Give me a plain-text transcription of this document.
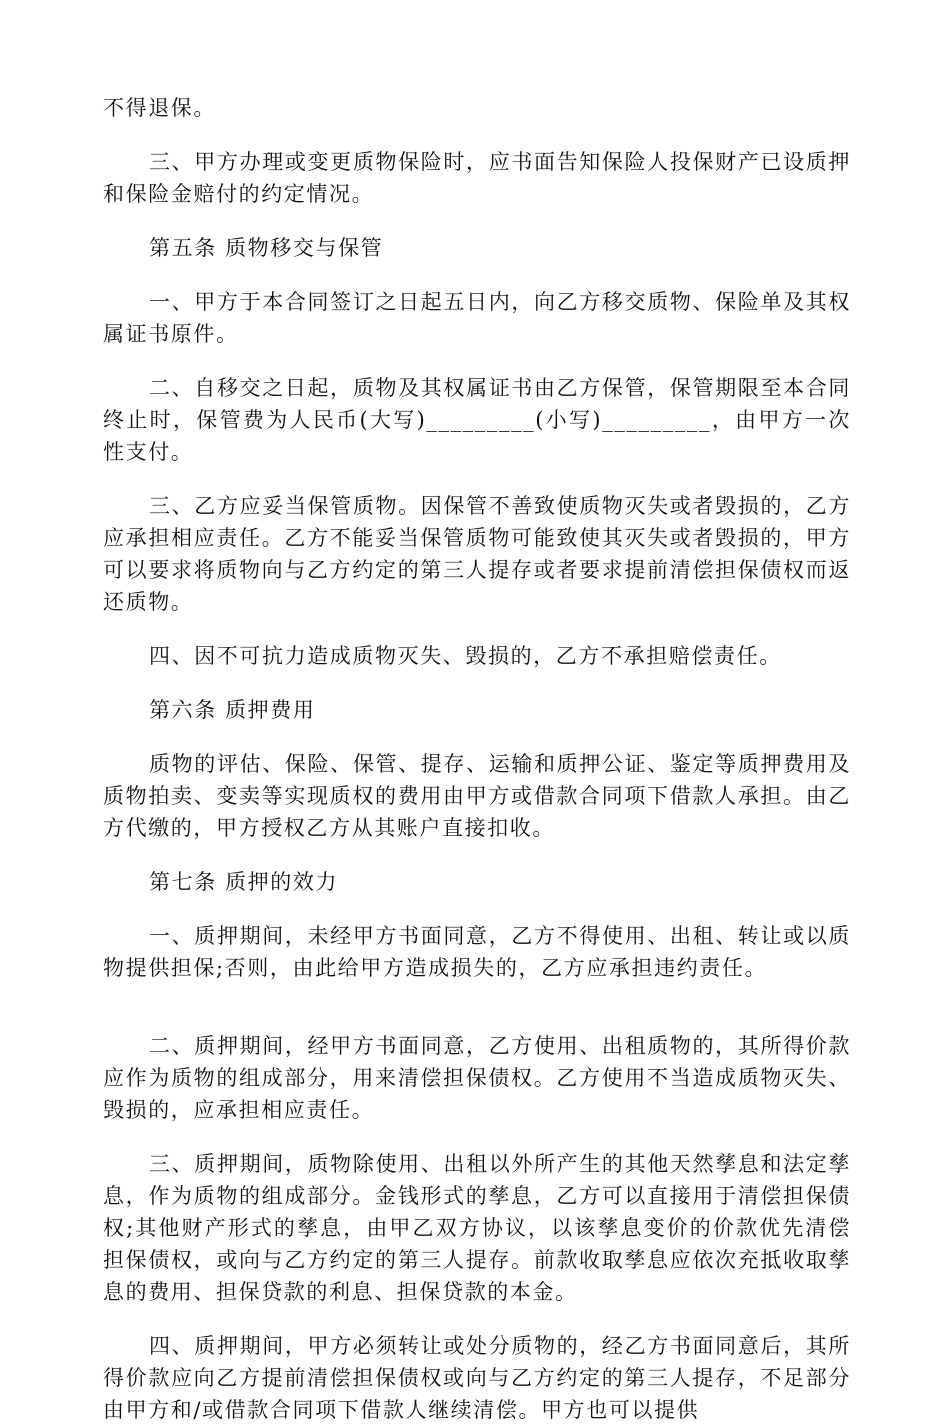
不得退保。

三、甲方办理或变更质物保险时，应书面告知保险人投保财产已设质押和保险金赔付的约定情况。

第五条 质物移交与保管

一、甲方于本合同签订之日起五日内，向乙方移交质物、保险单及其权属证书原件。

二、自移交之日起，质物及其权属证书由乙方保管，保管期限至本合同终止时，保管费为人民币(大写)_________(小写)_________，由甲方一次性支付。

三、乙方应妥当保管质物。因保管不善致使质物灭失或者毁损的，乙方应承担相应责任。乙方不能妥当保管质物可能致使其灭失或者毁损的，甲方可以要求将质物向与乙方约定的第三人提存或者要求提前清偿担保债权而返还质物。

四、因不可抗力造成质物灭失、毁损的，乙方不承担赔偿责任。

第六条 质押费用

质物的评估、保险、保管、提存、运输和质押公证、鉴定等质押费用及质物拍卖、变卖等实现质权的费用由甲方或借款合同项下借款人承担。由乙方代缴的，甲方授权乙方从其账户直接扣收。

第七条 质押的效力

一、质押期间，未经甲方书面同意，乙方不得使用、出租、转让或以质物提供担保;否则，由此给甲方造成损失的，乙方应承担违约责任。

二、质押期间，经甲方书面同意，乙方使用、出租质物的，其所得价款应作为质物的组成部分，用来清偿担保债权。乙方使用不当造成质物灭失、毁损的，应承担相应责任。

三、质押期间，质物除使用、出租以外所产生的其他天然孳息和法定孳息，作为质物的组成部分。金钱形式的孳息，乙方可以直接用于清偿担保债权;其他财产形式的孳息，由甲乙双方协议，以该孳息变价的价款优先清偿担保债权，或向与乙方约定的第三人提存。前款收取孳息应依次充抵收取孳息的费用、担保贷款的利息、担保贷款的本金。

四、质押期间，甲方必须转让或处分质物的，经乙方书面同意后，其所得价款应向乙方提前清偿担保债权或向与乙方约定的第三人提存，不足部分由甲方和/或借款合同项下借款人继续清偿。甲方也可以提供
